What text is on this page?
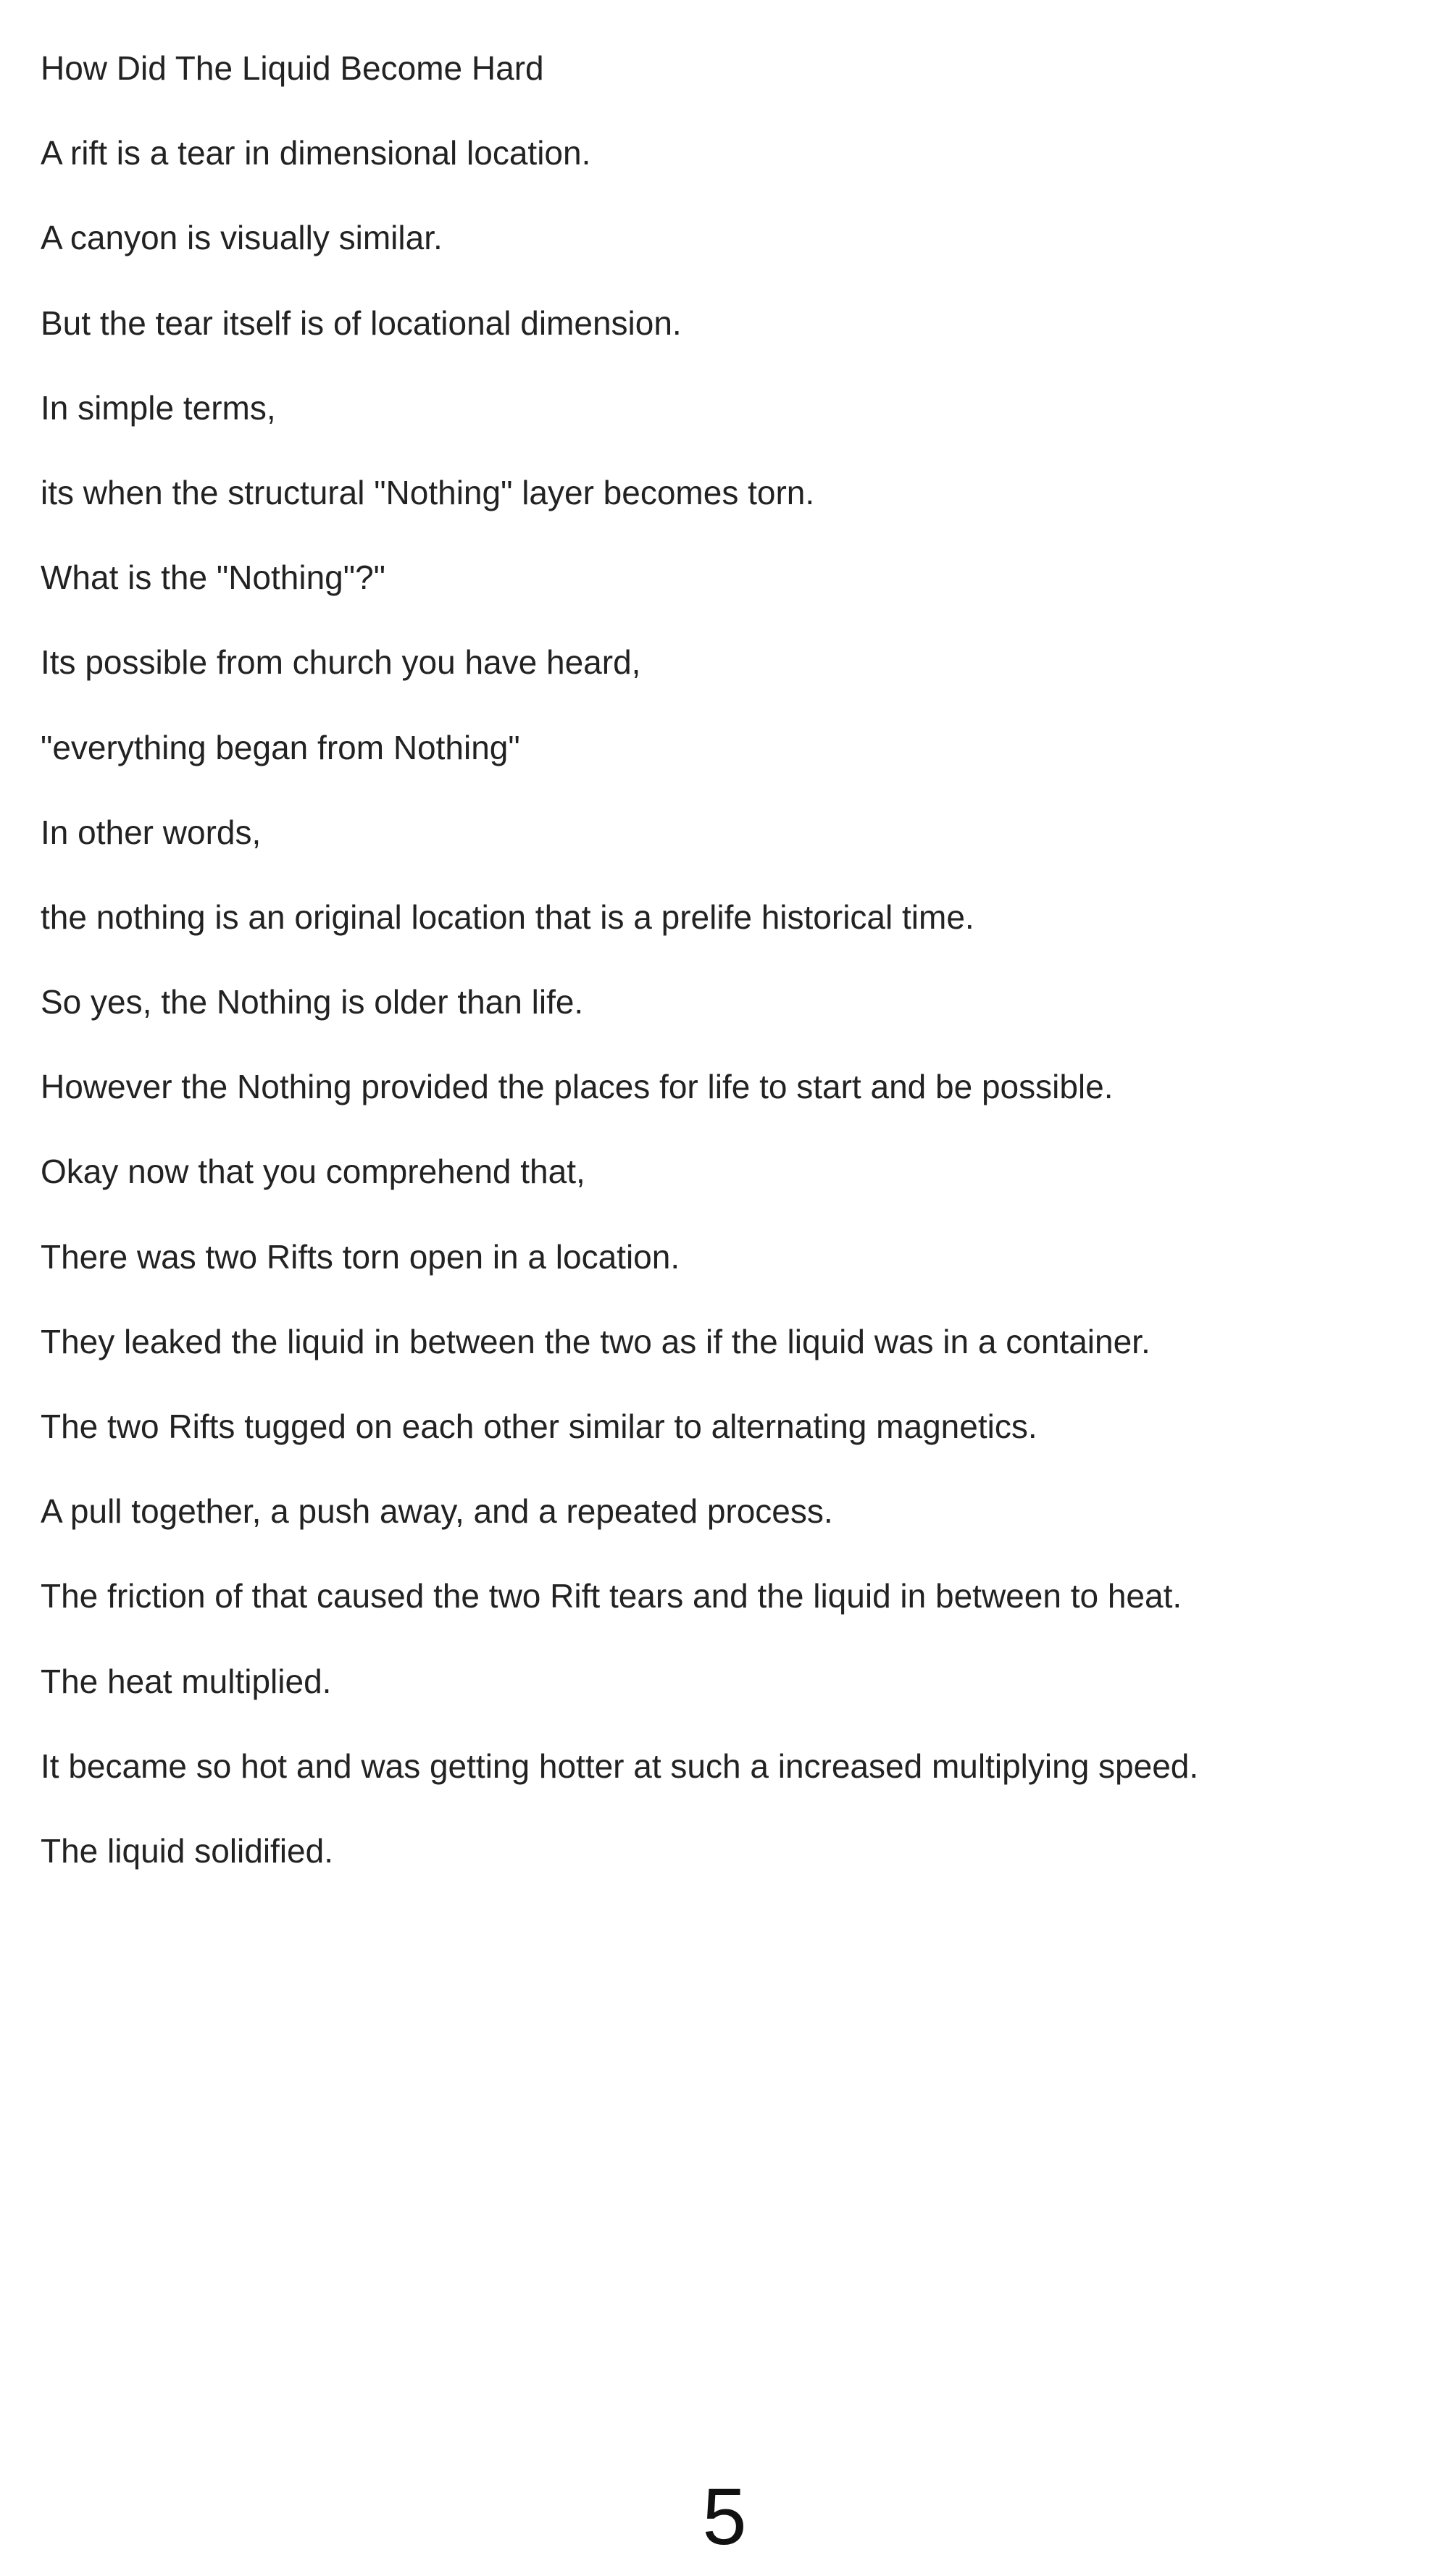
How Did The Liquid Become Hard
A rift is a tear in dimensional location.
A canyon is visually similar.
But the tear itself is of locational dimension.
In simple terms,
its when the structural "Nothing" layer becomes torn.
What is the "Nothing"?"
Its possible from church you have heard,
"everything began from Nothing"
In other words,
the nothing is an original location that is a prelife historical time.
So yes, the Nothing is older than life.
However the Nothing provided the places for life to start and be possible.
Okay now that you comprehend that,
There was two Rifts torn open in a location.
They leaked the liquid in between the two as if the liquid was in a container.
The two Rifts tugged on each other similar to alternating magnetics.
A pull together, a push away, and a repeated process.
The friction of that caused the two Rift tears and the liquid in between to heat.
The heat multiplied.
It became so hot and was getting hotter at such a increased multiplying speed.
The liquid solidified.
5
